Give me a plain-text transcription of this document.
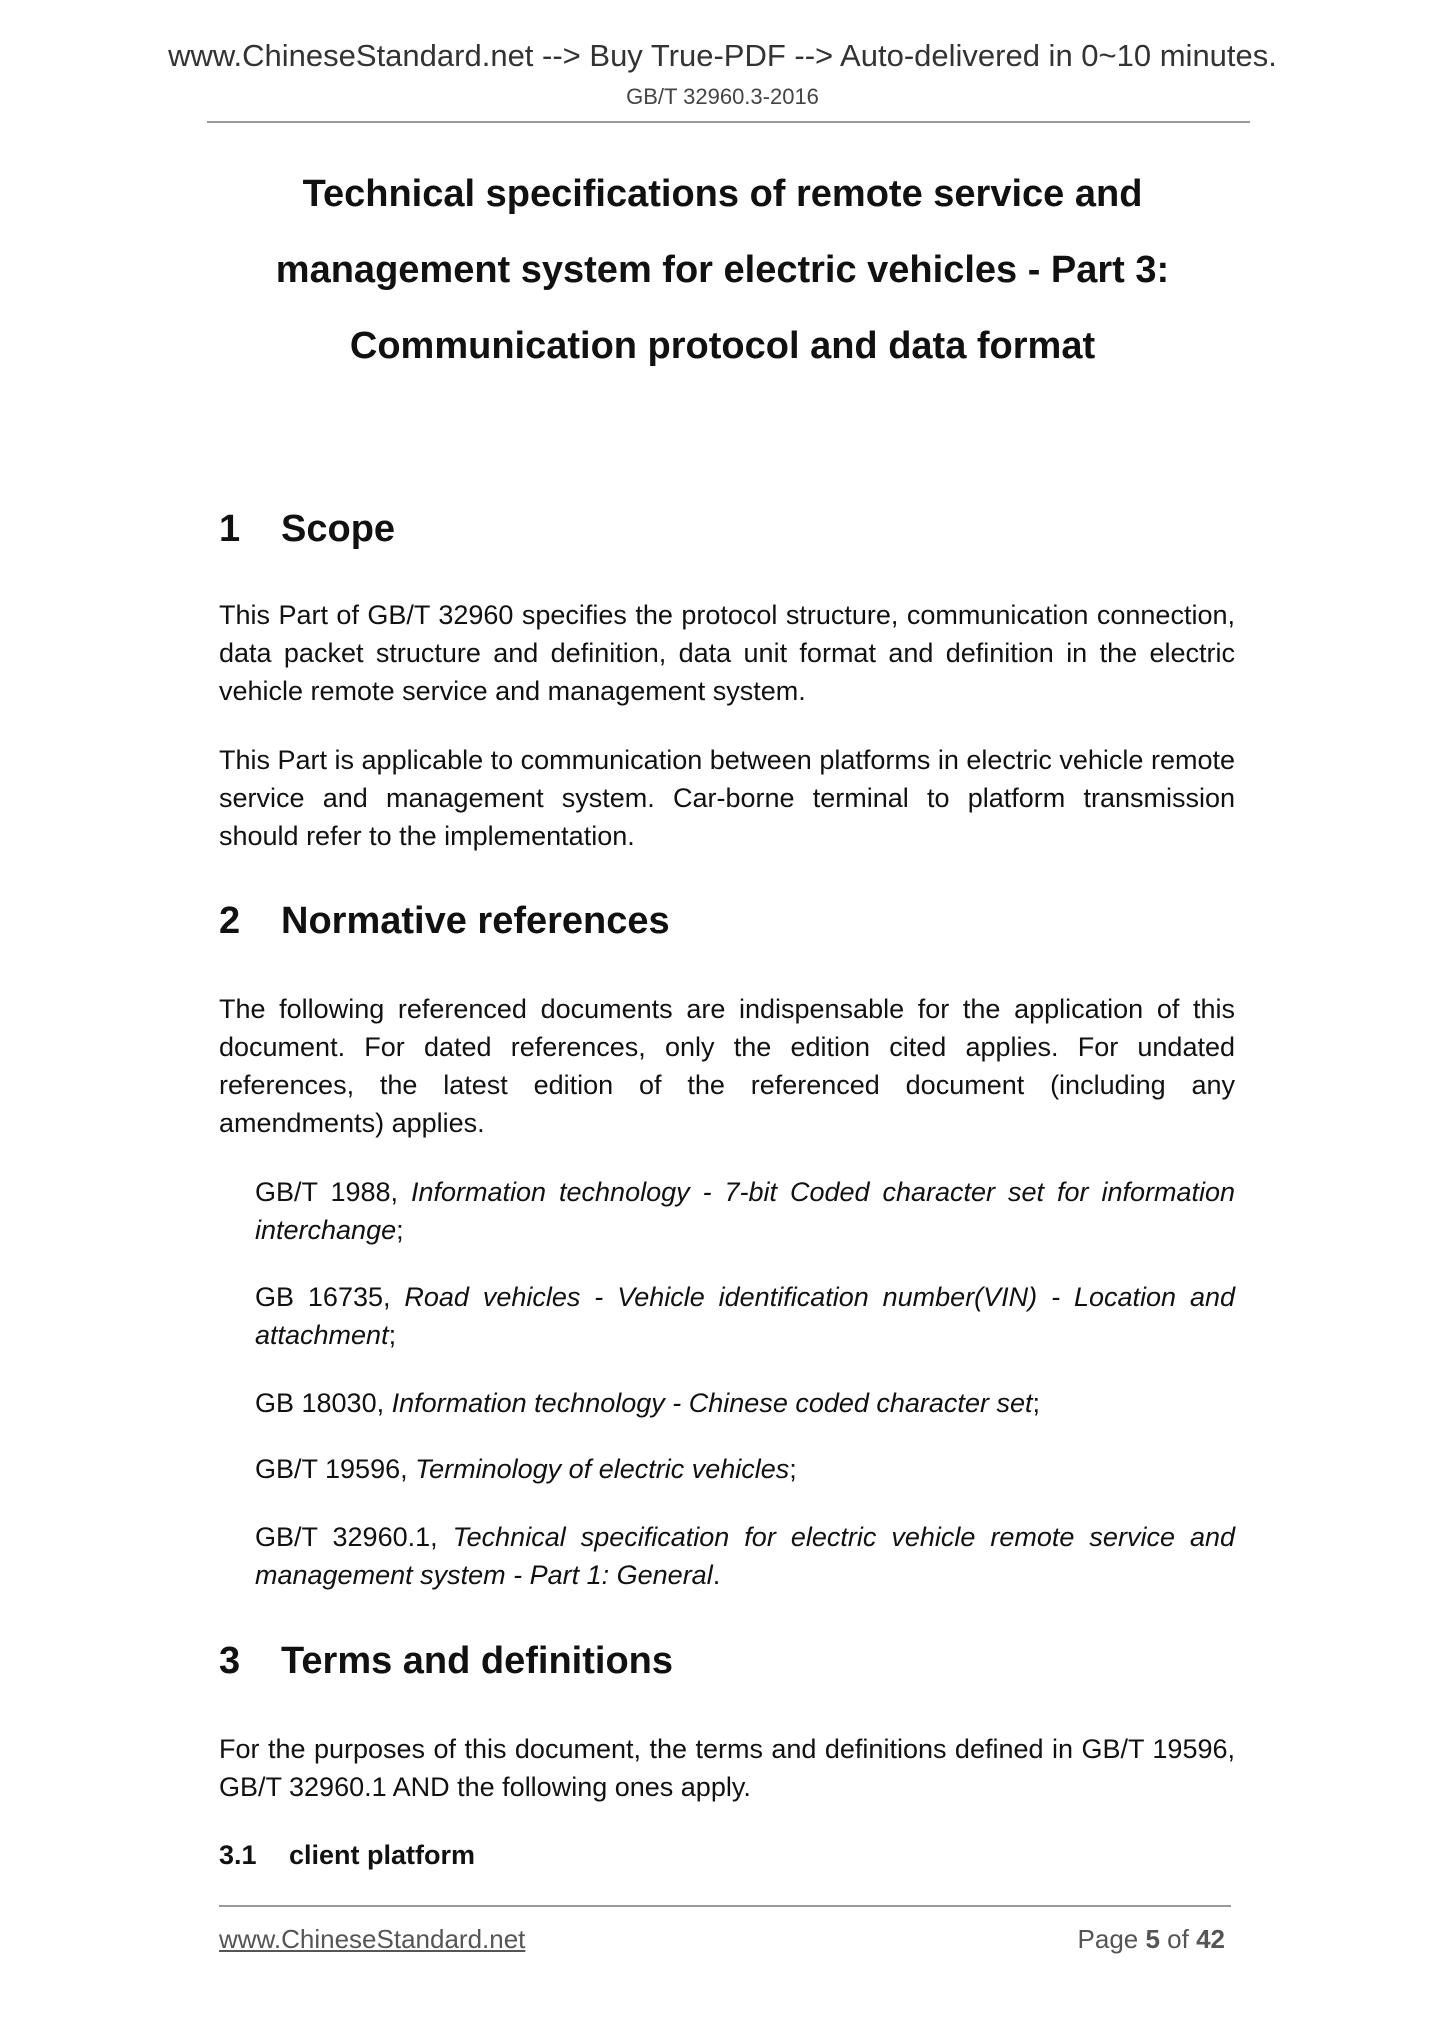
www.ChineseStandard.net --> Buy True-PDF --> Auto-delivered in 0~10 minutes.
GB/T 32960.3-2016
Technical specifications of remote service and
management system for electric vehicles - Part 3:
Communication protocol and data format
1 Scope
This Part of GB/T 32960 specifies the protocol structure, communication connection, data packet structure and definition, data unit format and definition in the electric vehicle remote service and management system.
This Part is applicable to communication between platforms in electric vehicle remote service and management system. Car-borne terminal to platform transmission should refer to the implementation.
2 Normative references
The following referenced documents are indispensable for the application of this document. For dated references, only the edition cited applies. For undated references, the latest edition of the referenced document (including any amendments) applies.
GB/T 1988, Information technology - 7-bit Coded character set for information interchange;
GB 16735, Road vehicles - Vehicle identification number(VIN) - Location and attachment;
GB 18030, Information technology - Chinese coded character set;
GB/T 19596, Terminology of electric vehicles;
GB/T 32960.1, Technical specification for electric vehicle remote service and management system - Part 1: General.
3 Terms and definitions
For the purposes of this document, the terms and definitions defined in GB/T 19596, GB/T 32960.1 AND the following ones apply.
3.1 client platform
www.ChineseStandard.net	Page 5 of 42
